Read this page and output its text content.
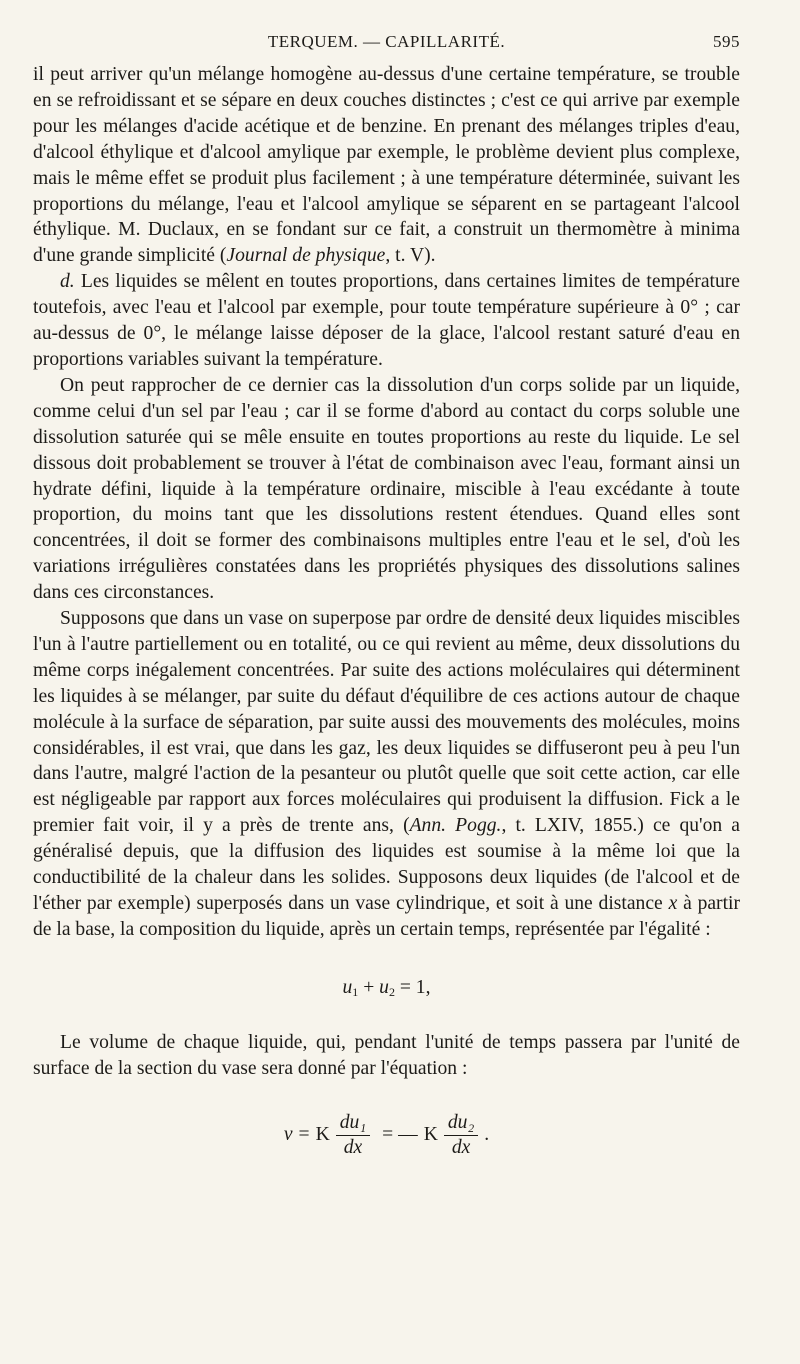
TERQUEM. — CAPILLARITÉ.	595

il peut arriver qu'un mélange homogène au-dessus d'une certaine température, se trouble en se refroidissant et se sépare en deux couches distinctes ; c'est ce qui arrive par exemple pour les mélanges d'acide acétique et de benzine. En prenant des mélanges triples d'eau, d'alcool éthylique et d'alcool amylique par exemple, le problème devient plus complexe, mais le même effet se produit plus facilement ; à une température déterminée, suivant les proportions du mélange, l'eau et l'alcool amylique se séparent en se partageant l'alcool éthylique. M. Duclaux, en se fondant sur ce fait, a construit un thermomètre à minima d'une grande simplicité (Journal de physique, t. V).

d. Les liquides se mêlent en toutes proportions, dans certaines limites de température toutefois, avec l'eau et l'alcool par exemple, pour toute température supérieure à 0° ; car au-dessus de 0°, le mélange laisse déposer de la glace, l'alcool restant saturé d'eau en proportions variables suivant la température.

On peut rapprocher de ce dernier cas la dissolution d'un corps solide par un liquide, comme celui d'un sel par l'eau ; car il se forme d'abord au contact du corps soluble une dissolution saturée qui se mêle ensuite en toutes proportions au reste du liquide. Le sel dissous doit probablement se trouver à l'état de combinaison avec l'eau, formant ainsi un hydrate défini, liquide à la température ordinaire, miscible à l'eau excédante à toute proportion, du moins tant que les dissolutions restent étendues. Quand elles sont concentrées, il doit se former des combinaisons multiples entre l'eau et le sel, d'où les variations irrégulières constatées dans les propriétés physiques des dissolutions salines dans ces circonstances.

Supposons que dans un vase on superpose par ordre de densité deux liquides miscibles l'un à l'autre partiellement ou en totalité, ou ce qui revient au même, deux dissolutions du même corps inégalement concentrées. Par suite des actions moléculaires qui déterminent les liquides à se mélanger, par suite du défaut d'équilibre de ces actions autour de chaque molécule à la surface de séparation, par suite aussi des mouvements des molécules, moins considérables, il est vrai, que dans les gaz, les deux liquides se diffuseront peu à peu l'un dans l'autre, malgré l'action de la pesanteur ou plutôt quelle que soit cette action, car elle est négligeable par rapport aux forces moléculaires qui produisent la diffusion. Fick a le premier fait voir, il y a près de trente ans, (Ann. Pogg., t. LXIV, 1855.) ce qu'on a généralisé depuis, que la diffusion des liquides est soumise à la même loi que la conductibilité de la chaleur dans les solides. Supposons deux liquides (de l'alcool et de l'éther par exemple) superposés dans un vase cylindrique, et soit à une distance x à partir de la base, la composition du liquide, après un certain temps, représentée par l'égalité :

$u_1 + u_2 = 1$,

Le volume de chaque liquide, qui, pendant l'unité de temps passera par l'unité de surface de la section du vase sera donné par l'équation :

v = K $\frac{\text{du₁}}{dx}$ = — K $\frac{\text{du₂}}{dx}$ .
